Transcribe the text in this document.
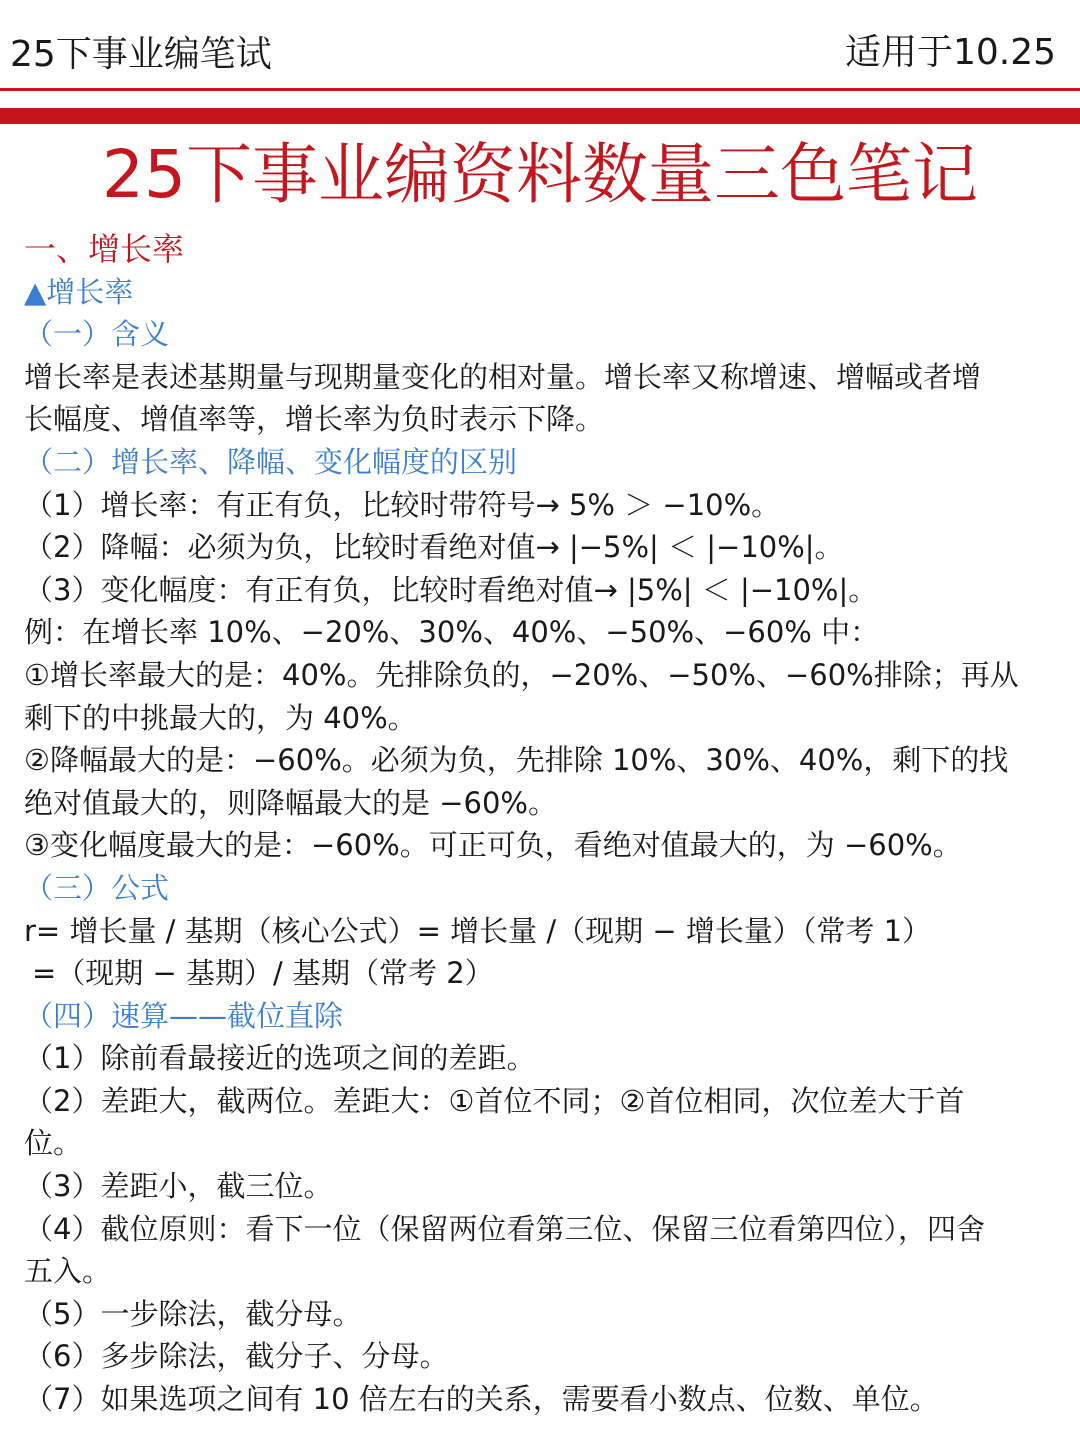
25下事业编笔试	适用于10.25
25下事业编资料数量三色笔记

一、增长率

▲增长率

（一）含义

增长率是表述基期量与现期量变化的相对量。增长率又称增速、增幅或者增

长幅度、增值率等，增长率为负时表示下降。

（二）增长率、降幅、变化幅度的区别

（1）增长率：有正有负，比较时带符号→ 5% ＞ −10%。

（2）降幅：必须为负，比较时看绝对值→ |−5%| ＜ |−10%|。

（3）变化幅度：有正有负，比较时看绝对值→ |5%| ＜ |−10%|。

例：在增长率 10%、−20%、30%、40%、−50%、−60% 中：

①增长率最大的是：40%。先排除负的，−20%、−50%、−60%排除；再从

剩下的中挑最大的，为 40%。

②降幅最大的是：−60%。必须为负，先排除 10%、30%、40%，剩下的找

绝对值最大的，则降幅最大的是 −60%。

③变化幅度最大的是：−60%。可正可负，看绝对值最大的，为 −60%。

（三）公式

r= 增长量 / 基期（核心公式）= 增长量 /（现期 − 增长量）（常考 1）

=（现期 − 基期）/ 基期（常考 2）

（四）速算——截位直除

（1）除前看最接近的选项之间的差距。

（2）差距大，截两位。差距大：①首位不同；②首位相同，次位差大于首

位。

（3）差距小，截三位。

（4）截位原则：看下一位（保留两位看第三位、保留三位看第四位），四舍

五入。

（5）一步除法，截分母。

（6）多步除法，截分子、分母。

（7）如果选项之间有 10 倍左右的关系，需要看小数点、位数、单位。
